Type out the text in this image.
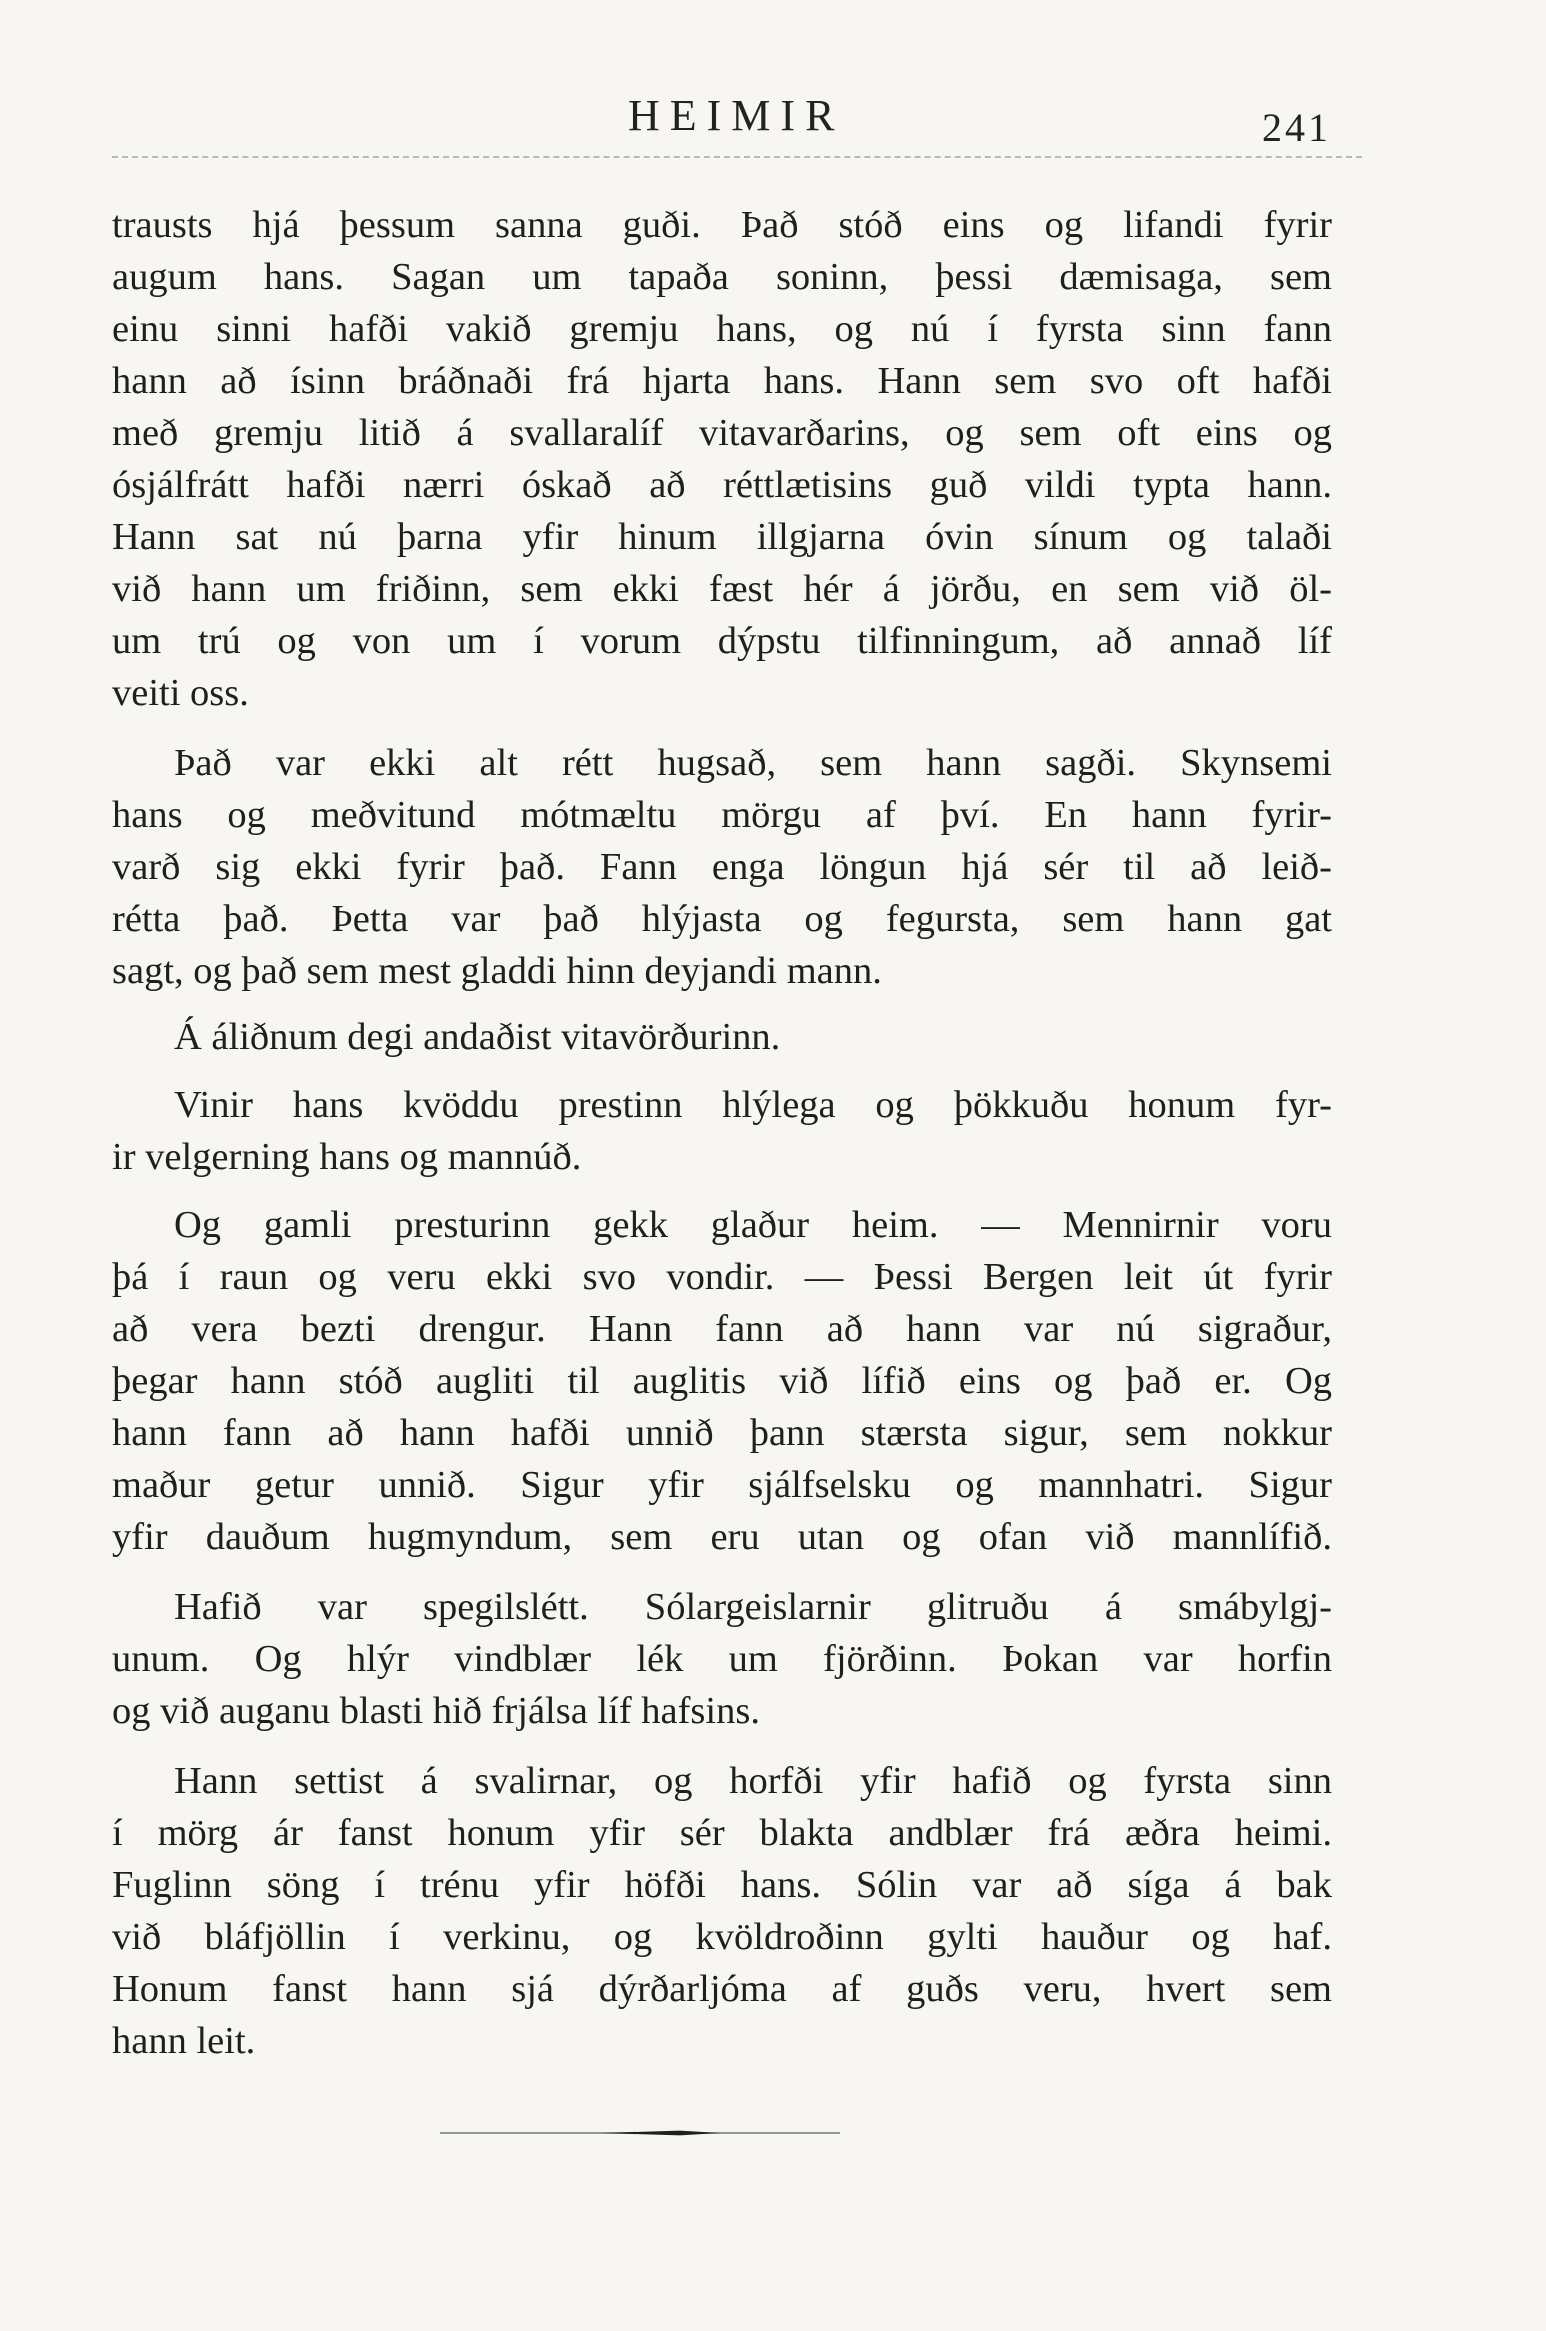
HEIMIR	241
trausts hjá þessum sanna guði. Það stóð eins og lifandi fyrir
augum hans. Sagan um tapaða soninn, þessi dæmisaga, sem
einu sinni hafði vakið gremju hans, og nú í fyrsta sinn fann
hann að ísinn bráðnaði frá hjarta hans. Hann sem svo oft hafði
með gremju litið á svallaralíf vitavarðarins, og sem oft eins og
ósjálfrátt hafði nærri óskað að réttlætisins guð vildi typta hann.
Hann sat nú þarna yfir hinum illgjarna óvin sínum og talaði
við hann um friðinn, sem ekki fæst hér á jörðu, en sem við öl-
um trú og von um í vorum dýpstu tilfinningum, að annað líf
veiti oss.
Það var ekki alt rétt hugsað, sem hann sagði. Skynsemi
hans og meðvitund mótmæltu mörgu af því. En hann fyrir-
varð sig ekki fyrir það. Fann enga löngun hjá sér til að leið-
rétta það. Þetta var það hlýjasta og fegursta, sem hann gat
sagt, og það sem mest gladdi hinn deyjandi mann.
Á áliðnum degi andaðist vitavörðurinn.
Vinir hans kvöddu prestinn hlýlega og þökkuðu honum fyr-
ir velgerning hans og mannúð.
Og gamli presturinn gekk glaður heim. — Mennirnir voru
þá í raun og veru ekki svo vondir. — Þessi Bergen leit út fyrir
að vera bezti drengur. Hann fann að hann var nú sigraður,
þegar hann stóð augliti til auglitis við lífið eins og það er. Og
hann fann að hann hafði unnið þann stærsta sigur, sem nokkur
maður getur unnið. Sigur yfir sjálfselsku og mannhatri. Sigur
yfir dauðum hugmyndum, sem eru utan og ofan við mannlífið.
Hafið var spegilslétt. Sólargeislarnir glitruðu á smábylgj-
unum. Og hlýr vindblær lék um fjörðinn. Þokan var horfin
og við auganu blasti hið frjálsa líf hafsins.
Hann settist á svalirnar, og horfði yfir hafið og fyrsta sinn
í mörg ár fanst honum yfir sér blakta andblær frá æðra heimi.
Fuglinn söng í trénu yfir höfði hans. Sólin var að síga á bak
við bláfjöllin í verkinu, og kvöldroðinn gylti hauður og haf.
Honum fanst hann sjá dýrðarljóma af guðs veru, hvert sem
hann leit.
